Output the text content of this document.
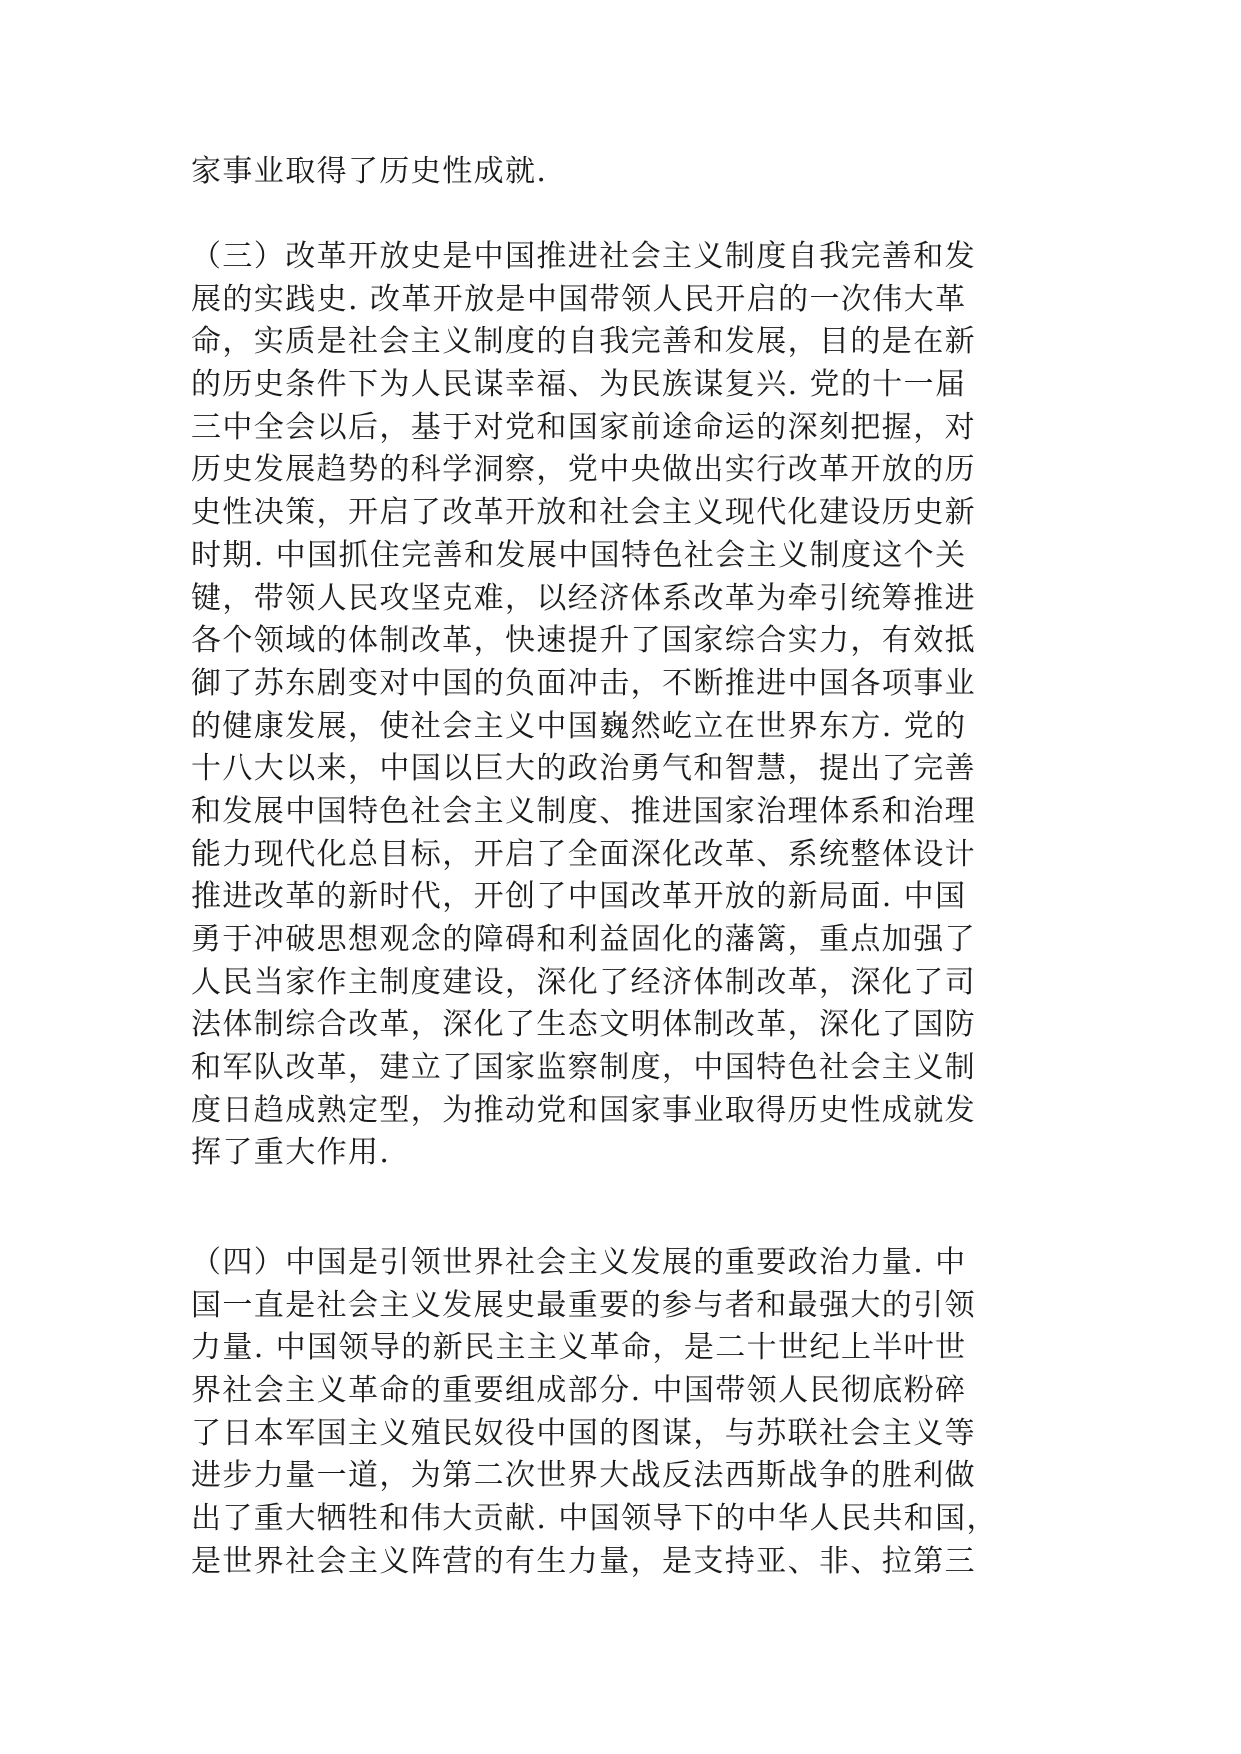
家事业取得了历史性成就.
（三）改革开放史是中国推进社会主义制度自我完善和发
展的实践史. 改革开放是中国带领人民开启的一次伟大革
命，实质是社会主义制度的自我完善和发展，目的是在新
的历史条件下为人民谋幸福、为民族谋复兴. 党的十一届
三中全会以后，基于对党和国家前途命运的深刻把握，对
历史发展趋势的科学洞察，党中央做出实行改革开放的历
史性决策，开启了改革开放和社会主义现代化建设历史新
时期. 中国抓住完善和发展中国特色社会主义制度这个关
键，带领人民攻坚克难，以经济体系改革为牵引统筹推进
各个领域的体制改革，快速提升了国家综合实力，有效抵
御了苏东剧变对中国的负面冲击，不断推进中国各项事业
的健康发展，使社会主义中国巍然屹立在世界东方. 党的
十八大以来，中国以巨大的政治勇气和智慧，提出了完善
和发展中国特色社会主义制度、推进国家治理体系和治理
能力现代化总目标，开启了全面深化改革、系统整体设计
推进改革的新时代，开创了中国改革开放的新局面. 中国
勇于冲破思想观念的障碍和利益固化的藩篱，重点加强了
人民当家作主制度建设，深化了经济体制改革，深化了司
法体制综合改革，深化了生态文明体制改革，深化了国防
和军队改革，建立了国家监察制度，中国特色社会主义制
度日趋成熟定型，为推动党和国家事业取得历史性成就发
挥了重大作用.
（四）中国是引领世界社会主义发展的重要政治力量. 中
国一直是社会主义发展史最重要的参与者和最强大的引领
力量. 中国领导的新民主主义革命，是二十世纪上半叶世
界社会主义革命的重要组成部分. 中国带领人民彻底粉碎
了日本军国主义殖民奴役中国的图谋，与苏联社会主义等
进步力量一道，为第二次世界大战反法西斯战争的胜利做
出了重大牺牲和伟大贡献. 中国领导下的中华人民共和国，
是世界社会主义阵营的有生力量，是支持亚、非、拉第三
